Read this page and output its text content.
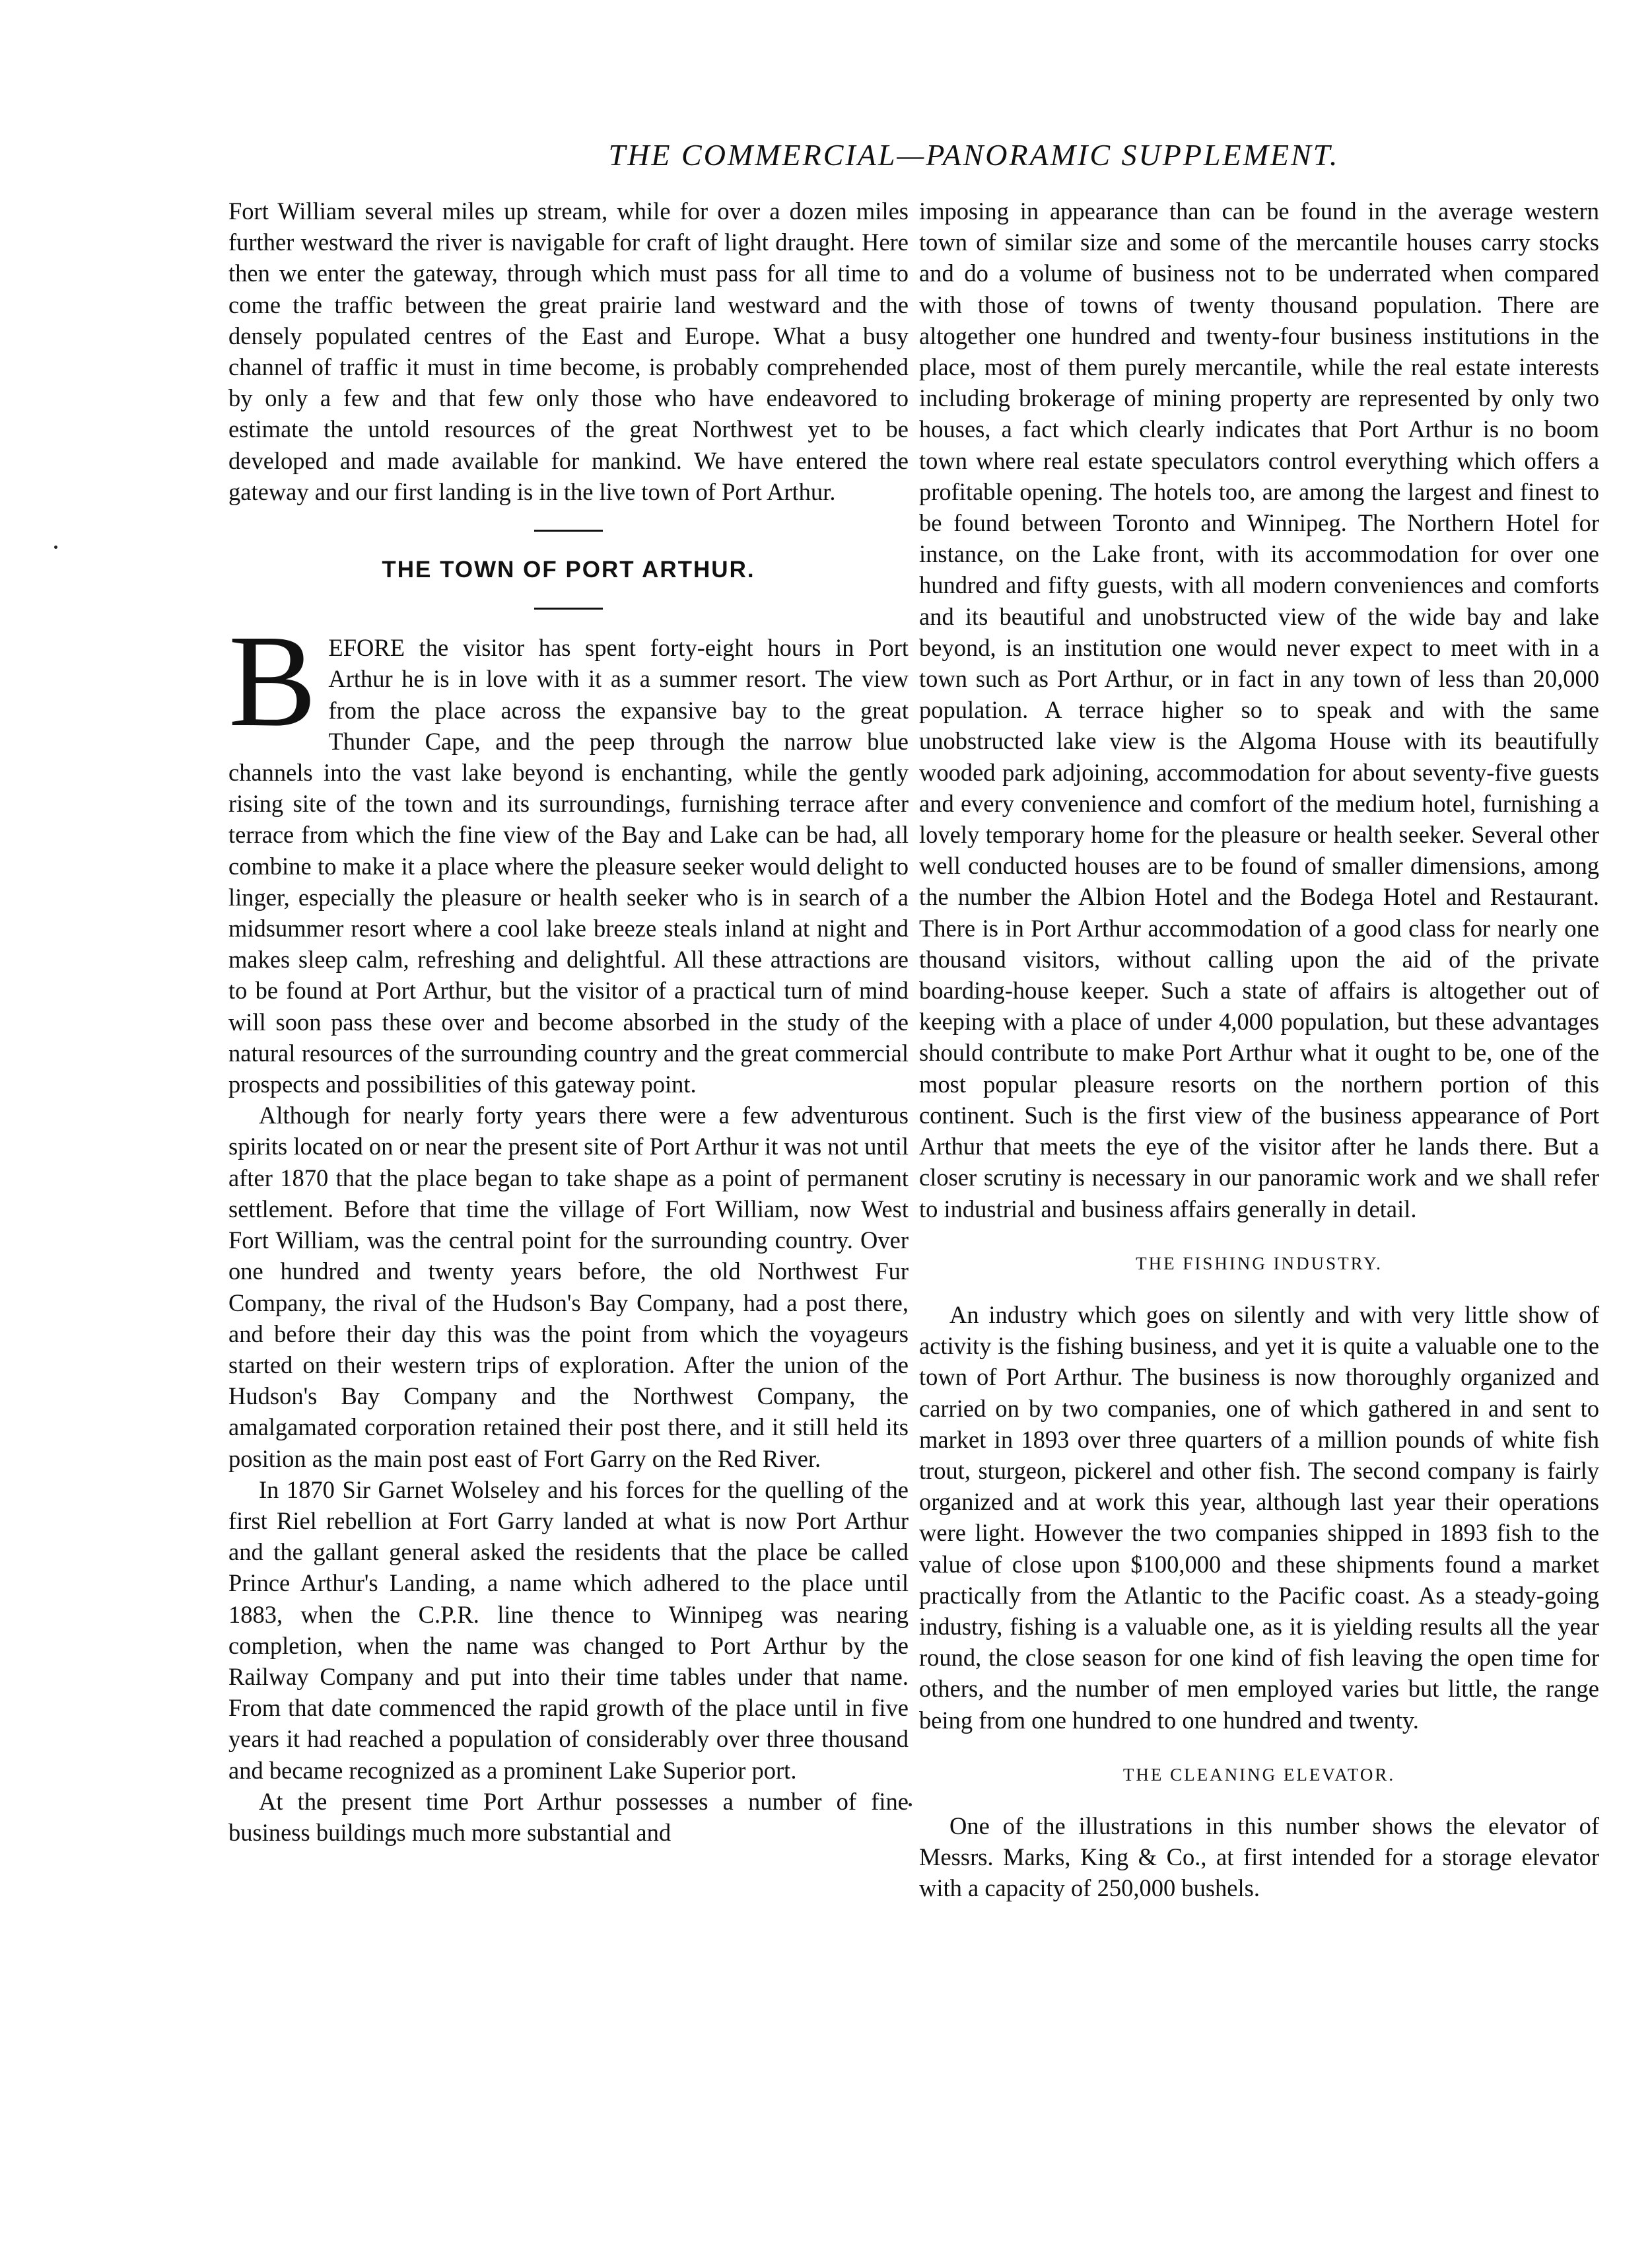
THE COMMERCIAL—PANORAMIC SUPPLEMENT.

Fort William several miles up stream, while for over a dozen miles further westward the river is navigable for craft of light draught. Here then we enter the gateway, through which must pass for all time to come the traffic between the great prairie land westward and the densely populated centres of the East and Europe. What a busy channel of traffic it must in time become, is probably comprehended by only a few and that few only those who have endeavored to estimate the untold resources of the great Northwest yet to be developed and made available for mankind. We have entered the gateway and our first landing is in the live town of Port Arthur.

THE TOWN OF PORT ARTHUR.

BEFORE the visitor has spent forty-eight hours in Port Arthur he is in love with it as a summer resort. The view from the place across the expansive bay to the great Thunder Cape, and the peep through the narrow blue channels into the vast lake beyond is enchanting, while the gently rising site of the town and its surroundings, furnishing terrace after terrace from which the fine view of the Bay and Lake can be had, all combine to make it a place where the pleasure seeker would delight to linger, especially the pleasure or health seeker who is in search of a midsummer resort where a cool lake breeze steals inland at night and makes sleep calm, refreshing and delightful. All these attractions are to be found at Port Arthur, but the visitor of a practical turn of mind will soon pass these over and become absorbed in the study of the natural resources of the surrounding country and the great commercial prospects and possibilities of this gateway point.

Although for nearly forty years there were a few adventurous spirits located on or near the present site of Port Arthur it was not until after 1870 that the place began to take shape as a point of permanent settlement. Before that time the village of Fort William, now West Fort William, was the central point for the surrounding country. Over one hundred and twenty years before, the old Northwest Fur Company, the rival of the Hudson's Bay Company, had a post there, and before their day this was the point from which the voyageurs started on their western trips of exploration. After the union of the Hudson's Bay Company and the Northwest Company, the amalgamated corporation retained their post there, and it still held its position as the main post east of Fort Garry on the Red River.

In 1870 Sir Garnet Wolseley and his forces for the quelling of the first Riel rebellion at Fort Garry landed at what is now Port Arthur and the gallant general asked the residents that the place be called Prince Arthur's Landing, a name which adhered to the place until 1883, when the C.P.R. line thence to Winnipeg was nearing completion, when the name was changed to Port Arthur by the Railway Company and put into their time tables under that name. From that date commenced the rapid growth of the place until in five years it had reached a population of considerably over three thousand and became recognized as a prominent Lake Superior port.

At the present time Port Arthur possesses a number of fine business buildings much more substantial and

imposing in appearance than can be found in the average western town of similar size and some of the mercantile houses carry stocks and do a volume of business not to be underrated when compared with those of towns of twenty thousand population. There are altogether one hundred and twenty-four business institutions in the place, most of them purely mercantile, while the real estate interests including brokerage of mining property are represented by only two houses, a fact which clearly indicates that Port Arthur is no boom town where real estate speculators control everything which offers a profitable opening. The hotels too, are among the largest and finest to be found between Toronto and Winnipeg. The Northern Hotel for instance, on the Lake front, with its accommodation for over one hundred and fifty guests, with all modern conveniences and comforts and its beautiful and unobstructed view of the wide bay and lake beyond, is an institution one would never expect to meet with in a town such as Port Arthur, or in fact in any town of less than 20,000 population. A terrace higher so to speak and with the same unobstructed lake view is the Algoma House with its beautifully wooded park adjoining, accommodation for about seventy-five guests and every convenience and comfort of the medium hotel, furnishing a lovely temporary home for the pleasure or health seeker. Several other well conducted houses are to be found of smaller dimensions, among the number the Albion Hotel and the Bodega Hotel and Restaurant. There is in Port Arthur accommodation of a good class for nearly one thousand visitors, without calling upon the aid of the private boarding-house keeper. Such a state of affairs is altogether out of keeping with a place of under 4,000 population, but these advantages should contribute to make Port Arthur what it ought to be, one of the most popular pleasure resorts on the northern portion of this continent. Such is the first view of the business appearance of Port Arthur that meets the eye of the visitor after he lands there. But a closer scrutiny is necessary in our panoramic work and we shall refer to industrial and business affairs generally in detail.

THE FISHING INDUSTRY.

An industry which goes on silently and with very little show of activity is the fishing business, and yet it is quite a valuable one to the town of Port Arthur. The business is now thoroughly organized and carried on by two companies, one of which gathered in and sent to market in 1893 over three quarters of a million pounds of white fish trout, sturgeon, pickerel and other fish. The second company is fairly organized and at work this year, although last year their operations were light. However the two companies shipped in 1893 fish to the value of close upon $100,000 and these shipments found a market practically from the Atlantic to the Pacific coast. As a steady-going industry, fishing is a valuable one, as it is yielding results all the year round, the close season for one kind of fish leaving the open time for others, and the number of men employed varies but little, the range being from one hundred to one hundred and twenty.

THE CLEANING ELEVATOR.

One of the illustrations in this number shows the elevator of Messrs. Marks, King & Co., at first intended for a storage elevator with a capacity of 250,000 bushels.
